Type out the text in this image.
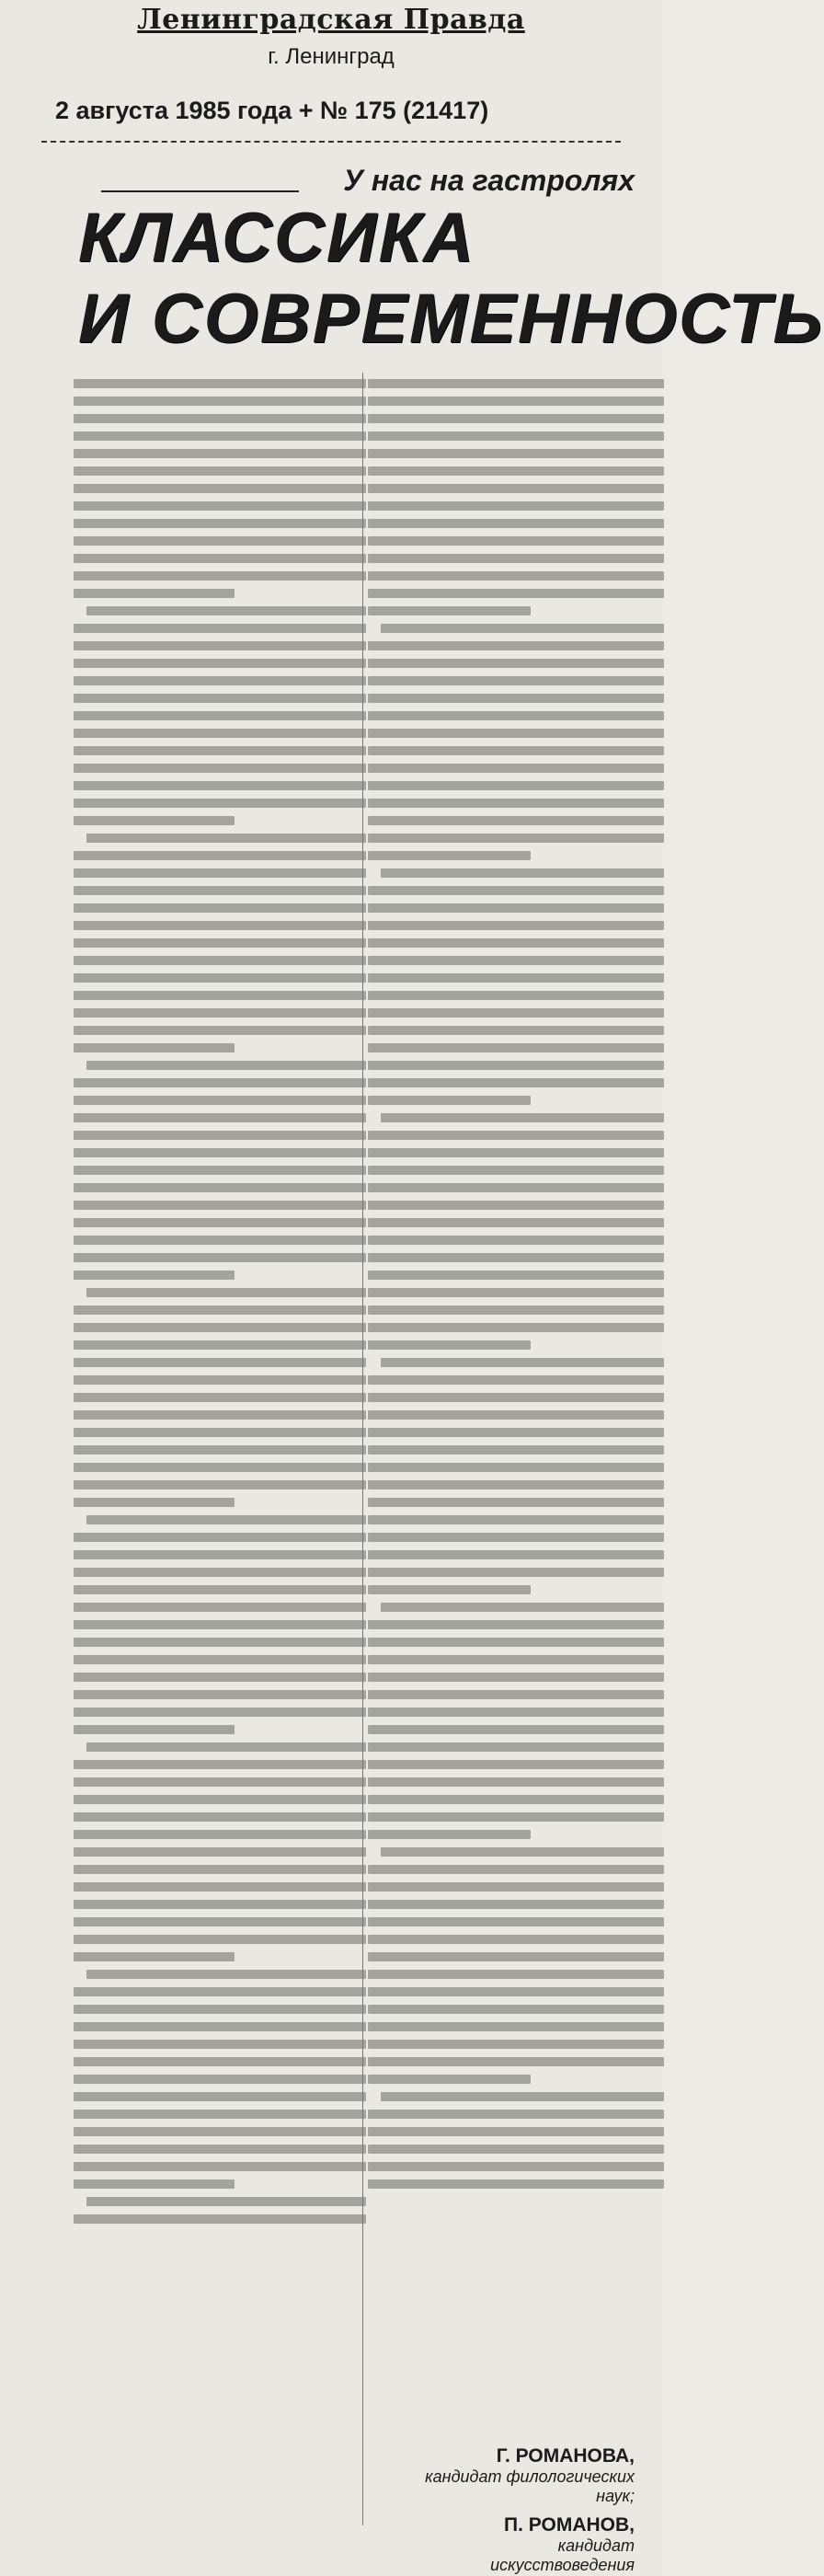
Ленинградская Правда
г. Ленинград
2 августа 1985 года + № 175 (21417)
У нас на гастролях
КЛАССИКА
И СОВРЕМЕННОСТЬ
Г. РОМАНОВА,
кандидат филологических
наук;
П. РОМАНОВ,
кандидат
искусствоведения
